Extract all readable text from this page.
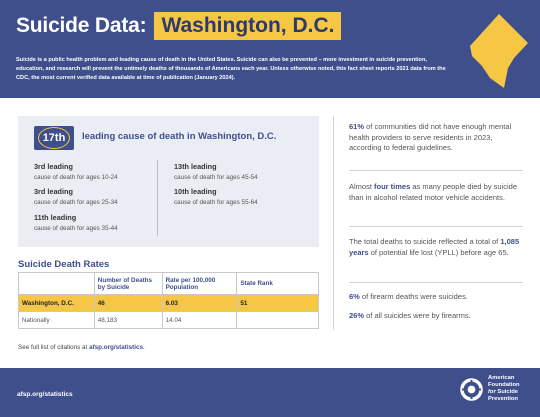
Suicide Data: Washington, D.C.
Suicide is a public health problem and leading cause of death in the United States. Suicide can also be prevented – more investment in suicide prevention, education, and research will prevent the untimely deaths of thousands of Americans each year. Unless otherwise noted, this fact sheet reports 2021 data from the CDC, the most current verified data available at time of publication (January 2024).
17th leading cause of death in Washington, D.C.
3rd leading
cause of death for ages 10-24
3rd leading
cause of death for ages 25-34
11th leading
cause of death for ages 35-44
13th leading
cause of death for ages 45-54
10th leading
cause of death for ages 55-64
Suicide Death Rates
	Number of Deaths by Suicide	Rate per 100,000 Population	State Rank
Washington, D.C.	46	6.03	51
Nationally	48,183	14.04	
See full list of citations at afsp.org/statistics.
61% of communities did not have enough mental health providers to serve residents in 2023, according to federal guidelines.
Almost four times as many people died by suicide than in alcohol related motor vehicle accidents.
The total deaths to suicide reflected a total of 1,085 years of potential life lost (YPLL) before age 65.
6% of firearm deaths were suicides.
26% of all suicides were by firearms.
afsp.org/statistics
American
Foundation
for Suicide
Prevention
